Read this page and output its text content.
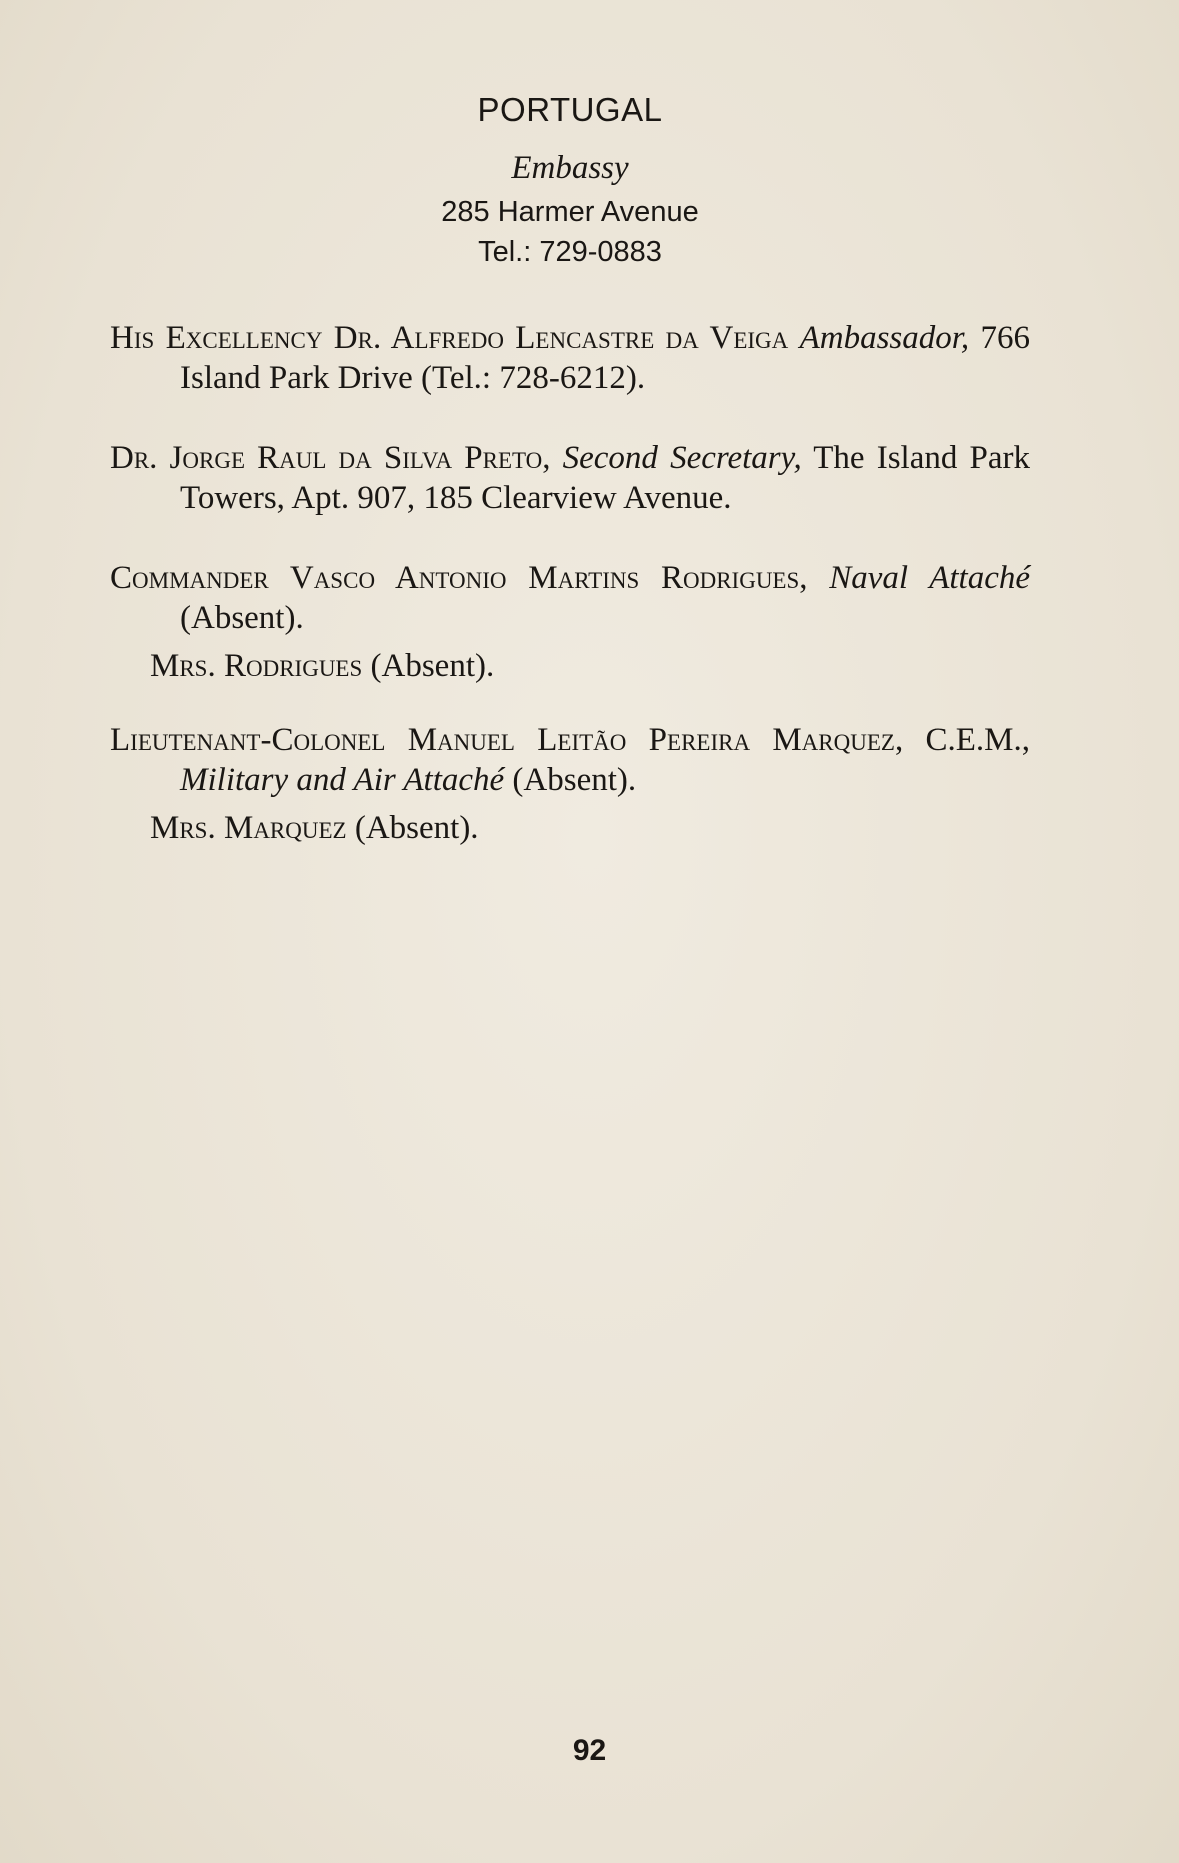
PORTUGAL

Embassy

285 Harmer Avenue

Tel.: 729-0883

His Excellency Dr. Alfredo Lencastre da Veiga Ambassador, 766 Island Park Drive (Tel.: 728-6212).

Dr. Jorge Raul da Silva Preto, Second Secretary, The Island Park Towers, Apt. 907, 185 Clearview Avenue.

Commander Vasco Antonio Martins Rodrigues, Naval Attaché (Absent).

Mrs. Rodrigues (Absent).

Lieutenant-Colonel Manuel Leitão Pereira Marquez, C.E.M., Military and Air Attaché (Absent).

Mrs. Marquez (Absent).

92
